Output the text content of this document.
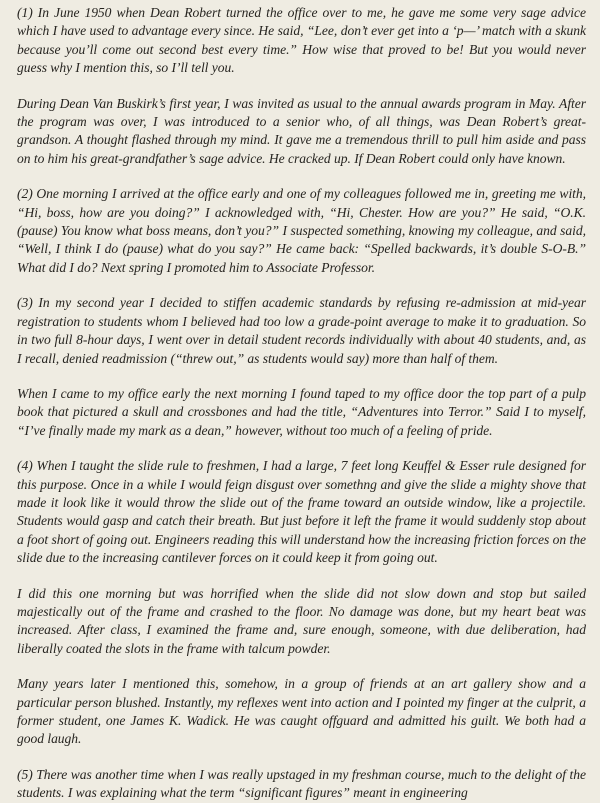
(1) In June 1950 when Dean Robert turned the office over to me, he gave me some very sage advice which I have used to advantage every since. He said, “Lee, don’t ever get into a ‘p—’ match with a skunk because you’ll come out second best every time.” How wise that proved to be! But you would never guess why I mention this, so I’ll tell you.

During Dean Van Buskirk’s first year, I was invited as usual to the annual awards program in May. After the program was over, I was introduced to a senior who, of all things, was Dean Robert’s great-grandson. A thought flashed through my mind. It gave me a tremendous thrill to pull him aside and pass on to him his great-grandfather’s sage advice. He cracked up. If Dean Robert could only have known.

(2) One morning I arrived at the office early and one of my colleagues followed me in, greeting me with, “Hi, boss, how are you doing?” I acknowledged with, “Hi, Chester. How are you?” He said, “O.K. (pause) You know what boss means, don’t you?” I suspected something, knowing my colleague, and said, “Well, I think I do (pause) what do you say?” He came back: “Spelled backwards, it’s double S-O-B.” What did I do? Next spring I promoted him to Associate Professor.

(3) In my second year I decided to stiffen academic standards by refusing re-admission at mid-year registration to students whom I believed had too low a grade-point average to make it to graduation. So in two full 8-hour days, I went over in detail student records individually with about 40 students, and, as I recall, denied readmission (“threw out,” as students would say) more than half of them.

When I came to my office early the next morning I found taped to my office door the top part of a pulp book that pictured a skull and crossbones and had the title, “Adventures into Terror.” Said I to myself, “I’ve finally made my mark as a dean,” however, without too much of a feeling of pride.

(4) When I taught the slide rule to freshmen, I had a large, 7 feet long Keuffel & Esser rule designed for this purpose. Once in a while I would feign disgust over somethng and give the slide a mighty shove that made it look like it would throw the slide out of the frame toward an outside window, like a projectile. Students would gasp and catch their breath. But just before it left the frame it would suddenly stop about a foot short of going out. Engineers reading this will understand how the increasing friction forces on the slide due to the increasing cantilever forces on it could keep it from going out.

I did this one morning but was horrified when the slide did not slow down and stop but sailed majestically out of the frame and crashed to the floor. No damage was done, but my heart beat was increased. After class, I examined the frame and, sure enough, someone, with due deliberation, had liberally coated the slots in the frame with talcum powder.

Many years later I mentioned this, somehow, in a group of friends at an art gallery show and a particular person blushed. Instantly, my reflexes went into action and I pointed my finger at the culprit, a former student, one James K. Wadick. He was caught offguard and admitted his guilt. We both had a good laugh.

(5) There was another time when I was really upstaged in my freshman course, much to the delight of the students. I was explaining what the term “significant figures” meant in engineering
